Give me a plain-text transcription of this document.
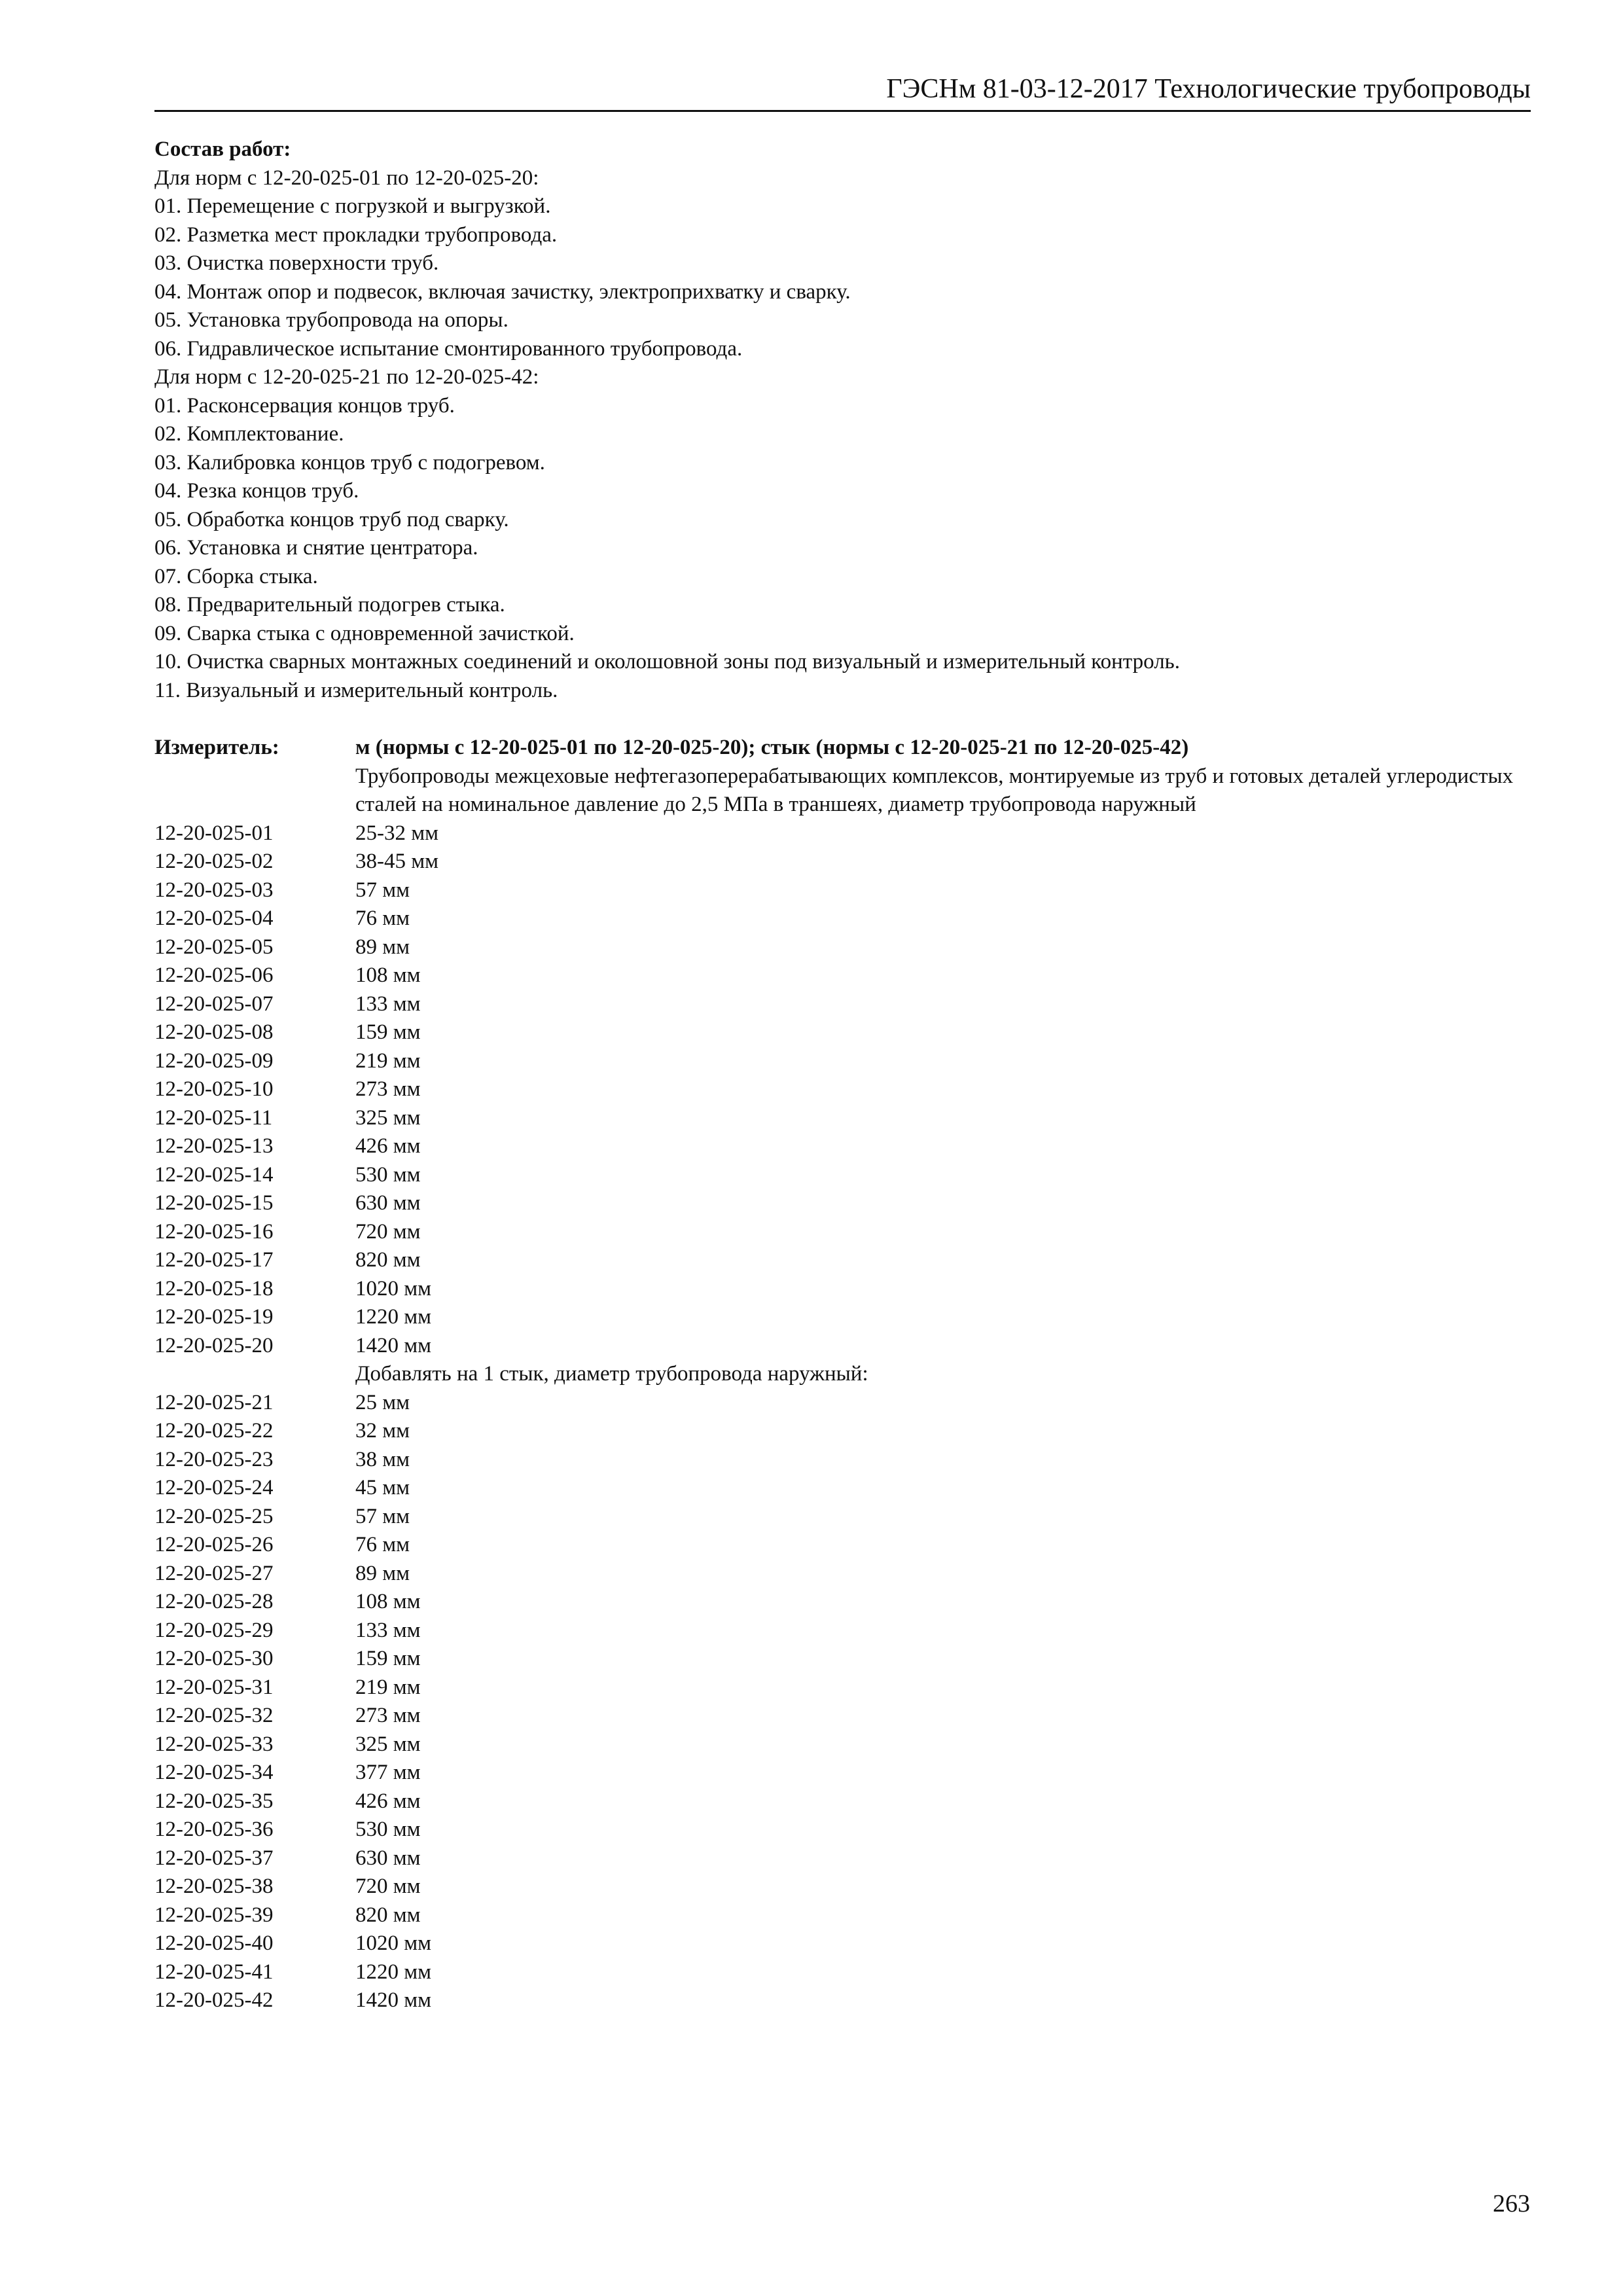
ГЭСНм 81-03-12-2017 Технологические трубопроводы
Состав работ:
Для норм с 12-20-025-01 по 12-20-025-20:
01. Перемещение с погрузкой и выгрузкой.
02. Разметка мест прокладки трубопровода.
03. Очистка поверхности труб.
04. Монтаж опор и подвесок, включая зачистку, электроприхватку и сварку.
05. Установка трубопровода на опоры.
06. Гидравлическое испытание смонтированного трубопровода.
Для норм с 12-20-025-21 по 12-20-025-42:
01. Расконсервация концов труб.
02. Комплектование.
03. Калибровка концов труб с подогревом.
04. Резка концов труб.
05. Обработка концов труб под сварку.
06. Установка и снятие центратора.
07. Сборка стыка.
08. Предварительный подогрев стыка.
09. Сварка стыка с одновременной зачисткой.
10. Очистка сварных монтажных соединений и околошовной зоны под визуальный и измерительный контроль.
11. Визуальный и измерительный контроль.
Измеритель:	м (нормы с 12-20-025-01 по 12-20-025-20); стык (нормы с 12-20-025-21 по 12-20-025-42)
Трубопроводы межцеховые нефтегазоперерабатывающих комплексов, монтируемые из труб и готовых деталей углеродистых сталей на номинальное давление до 2,5 МПа в траншеях, диаметр трубопровода наружный
12-20-025-01	25-32 мм
12-20-025-02	38-45 мм
12-20-025-03	57 мм
12-20-025-04	76 мм
12-20-025-05	89 мм
12-20-025-06	108 мм
12-20-025-07	133 мм
12-20-025-08	159 мм
12-20-025-09	219 мм
12-20-025-10	273 мм
12-20-025-11	325 мм
12-20-025-13	426 мм
12-20-025-14	530 мм
12-20-025-15	630 мм
12-20-025-16	720 мм
12-20-025-17	820 мм
12-20-025-18	1020 мм
12-20-025-19	1220 мм
12-20-025-20	1420 мм
Добавлять на 1 стык, диаметр трубопровода наружный:
12-20-025-21	25 мм
12-20-025-22	32 мм
12-20-025-23	38 мм
12-20-025-24	45 мм
12-20-025-25	57 мм
12-20-025-26	76 мм
12-20-025-27	89 мм
12-20-025-28	108 мм
12-20-025-29	133 мм
12-20-025-30	159 мм
12-20-025-31	219 мм
12-20-025-32	273 мм
12-20-025-33	325 мм
12-20-025-34	377 мм
12-20-025-35	426 мм
12-20-025-36	530 мм
12-20-025-37	630 мм
12-20-025-38	720 мм
12-20-025-39	820 мм
12-20-025-40	1020 мм
12-20-025-41	1220 мм
12-20-025-42	1420 мм
263
